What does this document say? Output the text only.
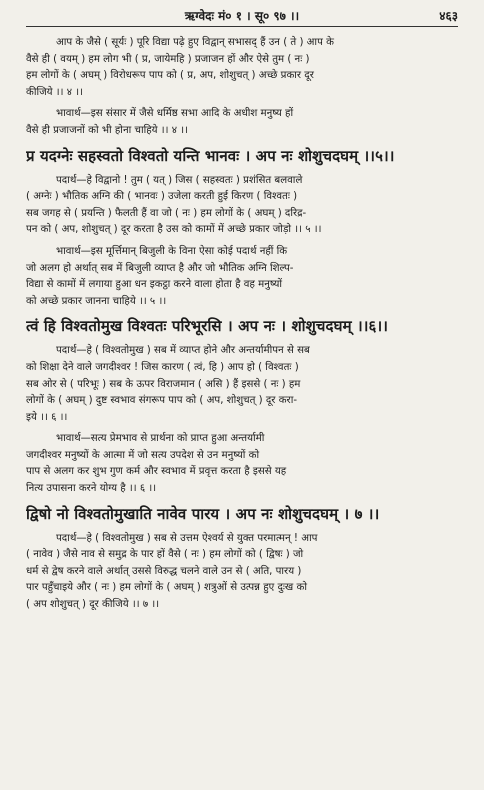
ऋग्वेदः मं० १ । सू० ९७ ।।	४६३
आप के जैसे ( सूर्यः ) पूरि विद्या पढ़े हुए विद्वान् सभासद् हैं उन ( ते ) आप के
वैसे ही ( वयम् ) हम लोग भी ( प्र, जायेमहि ) प्रजाजन हों और ऐसे तुम ( नः )
हम लोगों के ( अघम् ) विरोधरूप पाप को ( प्र, अप, शोशुचत् ) अच्छे प्रकार दूर
कीजिये ।। ४ ।।
भावार्थ—इस संसार में जैसे धर्मिष्ठ सभा आदि के अधीश मनुष्य हों
वैसे ही प्रजाजनों को भी होना चाहिये ।। ४ ।।
प्र यदग्नेः सहस्वतो विश्वतो यन्ति भानवः । अप नः शोशुचदघम् ।।५।।
पदार्थ—हे विद्वानो ! तुम ( यत् ) जिस ( सहस्वतः ) प्रशंसित बलवाले
( अग्नेः ) भौतिक अग्नि की ( भानवः ) उजेला करती हुई किरण ( विश्वतः )
सब जगह से ( प्रयन्ति ) फैलती हैं वा जो ( नः ) हम लोगों के ( अघम् ) दरिद्र-
पन को ( अप, शोशुचत् ) दूर करता है उस को कामों में अच्छे प्रकार जोड़ो ।। ५ ।।
भावार्थ—इस मूर्त्तिमान् बिजुली के विना ऐसा कोई पदार्थ नहीं कि
जो अलग हो अर्थात् सब में बिजुली व्याप्त है और जो भौतिक अग्नि शिल्प-
विद्या से कामों में लगाया हुआ धन इकट्ठा करने वाला होता है वह मनुष्यों
को अच्छे प्रकार जानना चाहिये ।। ५ ।।
त्वं हि विश्वतोमुख विश्वतः परिभूरसि । अप नः । शोशुचदघम् ।।६।।
पदार्थ—हे ( विश्वतोमुख ) सब में व्याप्त होने और अन्तर्यामीपन से सब
को शिक्षा देने वाले जगदीश्वर ! जिस कारण ( त्वं, हि ) आप हो ( विश्वतः )
सब ओर से ( परिभूः ) सब के ऊपर विराजमान ( असि ) हैं इससे ( नः ) हम
लोगों के ( अघम् ) दुष्ट स्वभाव संगरूप पाप को ( अप, शोशुचत् ) दूर करा-
इये ।। ६ ।।
भावार्थ—सत्य प्रेमभाव से प्रार्थना को प्राप्त हुआ अन्तर्यामी
जगदीश्वर मनुष्यों के आत्मा में जो सत्य उपदेश से उन मनुष्यों को
पाप से अलग कर शुभ गुण कर्म और स्वभाव में प्रवृत्त करता है इससे यह
नित्य उपासना करने योग्य है ।। ६ ।।
द्विषो नो विश्वतोमुखाति नावेव पारय । अप नः शोशुचदघम् । ७ ।।
पदार्थ—हे ( विश्वतोमुख ) सब से उत्तम ऐश्वर्य से युक्त परमात्मन् ! आप
( नावेव ) जैसे नाव से समुद्र के पार हों वैसे ( नः ) हम लोगों को ( द्विषः ) जो
धर्म से द्वेष करने वाले अर्थात् उससे विरुद्ध चलने वाले उन से ( अति, पारय )
पार पहुँचाइये और ( नः ) हम लोगों के ( अघम् ) शत्रुओं से उत्पन्न हुए दुःख को
( अप शोशुचत् ) दूर कीजिये ।। ७ ।।
